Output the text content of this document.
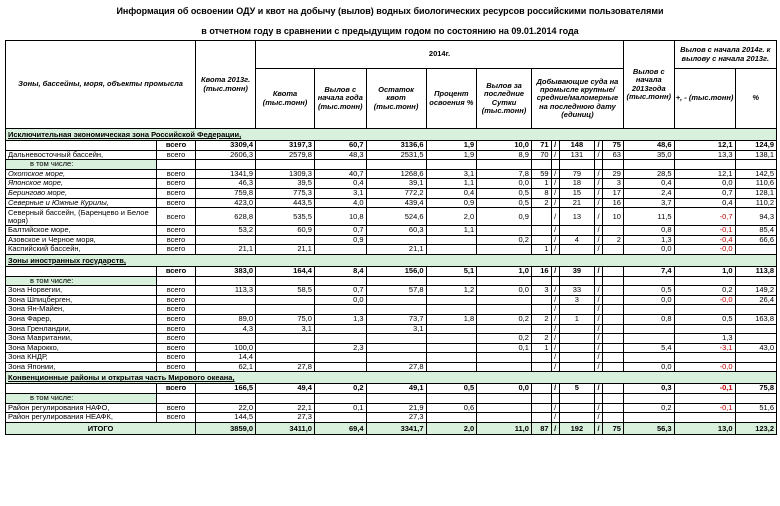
Информация об освоении ОДУ и квот на добычу (вылов) водных биологических ресурсов российскими пользователями
в отчетном году в сравнении с предыдущим годом по состоянию на 09.01.2014 года
Зоны, бассейны, моря, объекты промысла		Квота 2013г. (тыс.тонн)	2014г.										Вылов с начала 2013года (тыс.тонн)	Вылов с начала 2014г. к вылову с начала 2013г.	
			Квота (тыс.тонн)	Вылов с начала года (тыс.тонн)	Остаток квот (тыс.тонн)	Процент освоения %	Вылов за последние Сутки (тыс.тонн)	Добывающие суда на промысле крупные/средние/маломерные на последнюю дату (единиц)						+, - (тыс.тонн)	%
Исключительная экономическая зона Российской Федерации,															
	всего	3309,4	3197,3	60,7	3136,6	1,9	10,0	71	/	148	/	75	48,6	12,1	124,9
Дальневосточный бассейн,	всего	2606,3	2579,8	48,3	2531,5	1,9	8,9	70	/	131	/	63	35,0	13,3	138,1
в том числе:															
Охотское море,	всего	1341,9	1309,3	40,7	1268,6	3,1	7,8	59	/	79	/	29	28,5	12,1	142,5
Японское море,	всего	46,3	39,5	0,4	39,1	1,1	0,0	1	/	18	/	3	0,4	0,0	110,6
Берингово море,	всего	759,8	775,3	3,1	772,2	0,4	0,5	8	/	15	/	17	2,4	0,7	128,1
Северные и Южные Курилы,	всего	423,0	443,5	4,0	439,4	0,9	0,5	2	/	21	/	16	3,7	0,4	110,2
Северный бассейн, (Баренцево и Белое моря)	всего	628,8	535,5	10,8	524,6	2,0	0,9		/	13	/	10	11,5	-0,7	94,3
Балтийское море,	всего	53,2	60,9	0,7	60,3	1,1			/		/		0,8	-0,1	85,4
Азовское и Черное моря,	всего			0,9			0,2		/	4	/	2	1,3	-0,4	66,6
Каспийский бассейн,	всего	21,1	21,1		21,1			1	/		/		0,0	-0,0	
Зоны иностранных государств,															
	всего	383,0	164,4	8,4	156,0	5,1	1,0	16	/	39	/		7,4	1,0	113,8
в том числе:															
Зона Норвегии,	всего	113,3	58,5	0,7	57,8	1,2	0,0	3	/	33	/		0,5	0,2	149,2
Зона Шпицберген,	всего			0,0					/	3	/		0,0	-0,0	26,4
Зона Ян-Майен,	всего								/		/				
Зона Фарер,	всего	89,0	75,0	1,3	73,7	1,8	0,2	2	/	1	/		0,8	0,5	163,8
Зона Гренландии,	всего	4,3	3,1		3,1				/		/				
Зона Мавритании,	всего						0,2	2	/		/			1,3	
Зона Марокко,	всего	100,0		2,3			0,1	1	/		/		5,4	-3,1	43,0
Зона КНДР,	всего	14,4							/		/				
Зона Японии,	всего	62,1	27,8		27,8				/		/		0,0	-0,0	
Конвенционные районы и открытая часть Мирового океана,															
	всего	166,5	49,4	0,2	49,1	0,5	0,0		/	5	/		0,3	-0,1	75,8
в том числе:															
Район регулирования НАФО,	всего	22,0	22,1	0,1	21,9	0,6			/		/		0,2	-0,1	51,6
Район регулирования НЕАФК,	всего	144,5	27,3		27,3				/		/				
ИТОГО		3859,0	3411,0	69,4	3341,7	2,0	11,0	87	/	192	/	75	56,3	13,0	123,2
